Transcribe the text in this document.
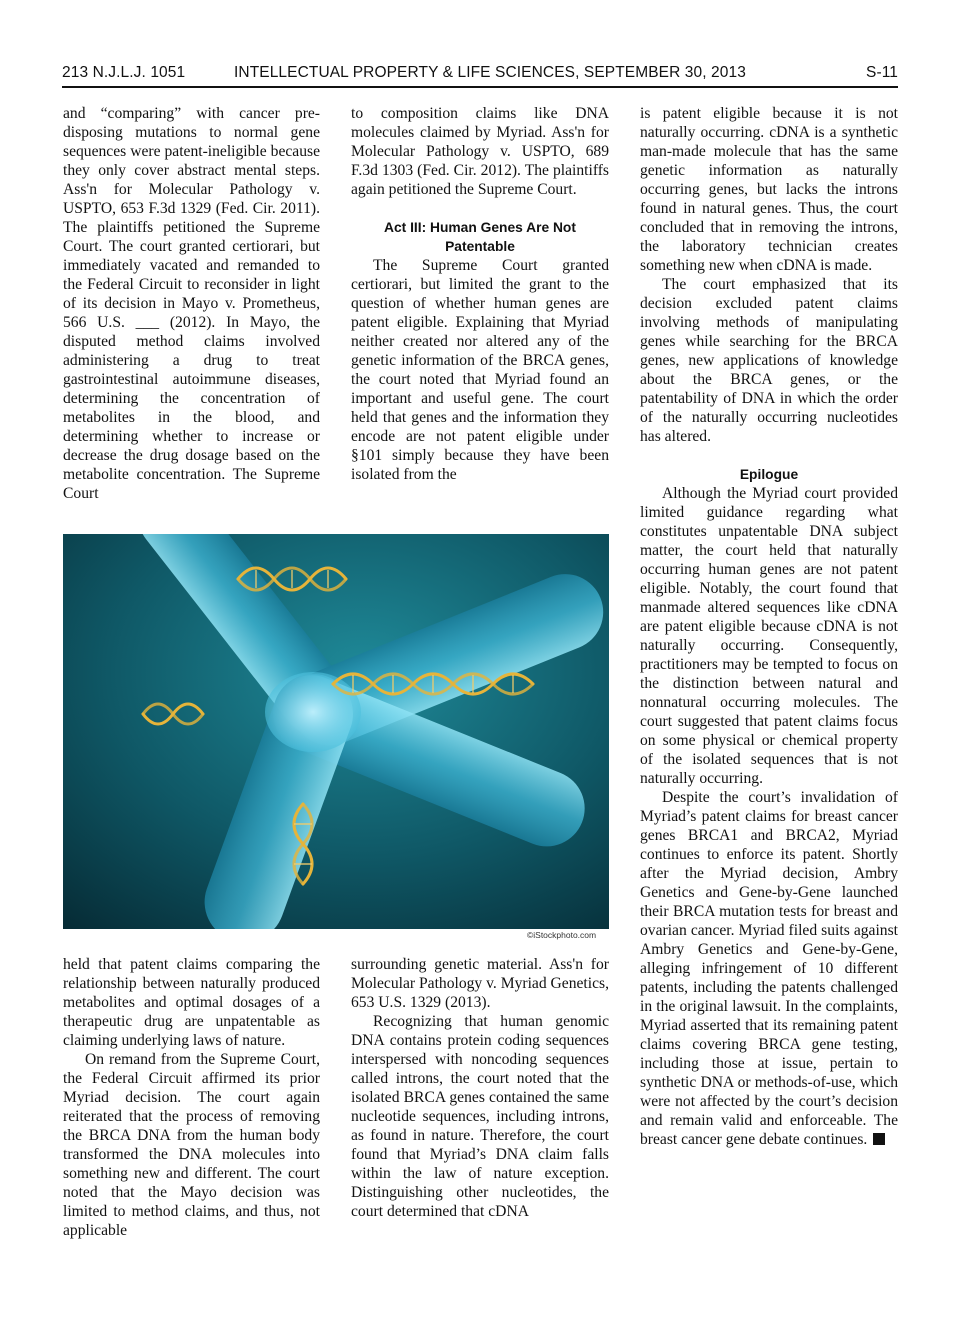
213 N.J.L.J. 1051	INTELLECTUAL PROPERTY & LIFE SCIENCES, SEPTEMBER 30, 2013	S-11

and “comparing” with cancer pre-disposing mutations to normal gene sequences were patent-ineligible because they only cover abstract mental steps. Ass'n for Molecular Pathology v. USPTO, 653 F.3d 1329 (Fed. Cir. 2011). The plaintiffs petitioned the Supreme Court. The court granted certiorari, but immediately vacated and remanded to the Federal Circuit to reconsider in light of its decision in Mayo v. Prometheus, 566 U.S. ___ (2012). In Mayo, the disputed method claims involved administering a drug to treat gastrointestinal autoimmune diseases, determining the concentration of metabolites in the blood, and determining whether to increase or decrease the drug dosage based on the metabolite concentration. The Supreme Court

to composition claims like DNA molecules claimed by Myriad. Ass'n for Molecular Pathology v. USPTO, 689 F.3d 1303 (Fed. Cir. 2012). The plaintiffs again petitioned the Supreme Court.

Act III: Human Genes Are Not Patentable

The Supreme Court granted certiorari, but limited the grant to the question of whether human genes are patent eligible. Explaining that Myriad neither created nor altered any of the genetic information of the BRCA genes, the court noted that Myriad found an important and useful gene. The court held that genes and the information they encode are not patent eligible under §101 simply because they have been isolated from the

is patent eligible because it is not naturally occurring. cDNA is a synthetic man-made molecule that has the same genetic information as naturally occurring genes, but lacks the introns found in natural genes. Thus, the court concluded that in removing the introns, the laboratory technician creates something new when cDNA is made.

The court emphasized that its decision excluded patent claims involving methods of manipulating genes while searching for the BRCA genes, new applications of knowledge about the BRCA genes, or the patentability of DNA in which the order of the naturally occurring nucleotides has altered.

Epilogue

Although the Myriad court provided limited guidance regarding what constitutes unpatentable DNA subject matter, the court held that naturally occurring human genes are not patent eligible. Notably, the court found that manmade altered sequences like cDNA are patent eligible because cDNA is not naturally occurring. Consequently, practitioners may be tempted to focus on the distinction between natural and nonnatural occurring molecules. The court suggested that patent claims focus on some physical or chemical property of the isolated sequences that is not naturally occurring.

Despite the court’s invalidation of Myriad’s patent claims for breast cancer genes BRCA1 and BRCA2, Myriad continues to enforce its patent. Shortly after the Myriad decision, Ambry Genetics and Gene-by-Gene launched their BRCA mutation tests for breast and ovarian cancer. Myriad filed suits against Ambry Genetics and Gene-by-Gene, alleging infringement of 10 different patents, including the patents challenged in the original lawsuit. In the complaints, Myriad asserted that its remaining patent claims covering BRCA gene testing, including those at issue, pertain to synthetic DNA or methods-of-use, which were not affected by the court’s decision and remain valid and enforceable. The breast cancer gene debate continues.

©iStockphoto.com

held that patent claims comparing the relationship between naturally produced metabolites and optimal dosages of a therapeutic drug are unpatentable as claiming underlying laws of nature.

On remand from the Supreme Court, the Federal Circuit affirmed its prior Myriad decision. The court again reiterated that the process of removing the BRCA DNA from the human body transformed the DNA molecules into something new and different. The court noted that the Mayo decision was limited to method claims, and thus, not applicable

surrounding genetic material. Ass'n for Molecular Pathology v. Myriad Genetics, 653 U.S. 1329 (2013).

Recognizing that human genomic DNA contains protein coding sequences interspersed with noncoding sequences called introns, the court noted that the isolated BRCA genes contained the same nucleotide sequences, including introns, as found in nature. Therefore, the court found that Myriad’s DNA claim falls within the law of nature exception. Distinguishing other nucleotides, the court determined that cDNA
